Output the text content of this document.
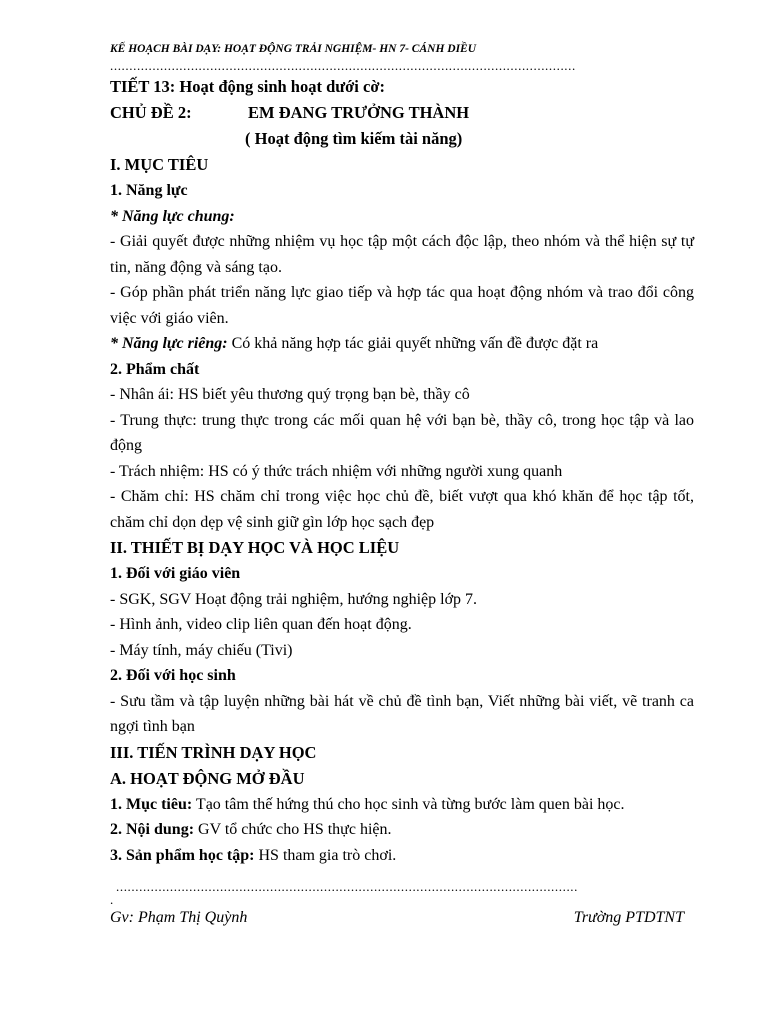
KẾ HOẠCH BÀI DẠY: HOẠT ĐỘNG TRẢI NGHIỆM- HN 7- CÁNH DIỀU
.........................................................................................................................
TIẾT 13: Hoạt động sinh hoạt dưới cờ:
CHỦ ĐỀ 2:	EM ĐANG TRƯỞNG THÀNH
( Hoạt động tìm kiếm tài năng)
I. MỤC TIÊU
1. Năng lực
* Năng lực chung:
- Giải quyết được những nhiệm vụ học tập một cách độc lập, theo nhóm và thể hiện sự tự tin, năng động và sáng tạo.
- Góp phần phát triển năng lực giao tiếp và hợp tác qua hoạt động nhóm và trao đổi công việc với giáo viên.
* Năng lực riêng: Có khả năng hợp tác giải quyết những vấn đề được đặt ra
2. Phẩm chất
- Nhân ái: HS biết yêu thương quý trọng bạn bè, thầy cô
- Trung thực: trung thực trong các mối quan hệ với bạn bè, thầy cô, trong học tập và lao động
- Trách nhiệm: HS có ý thức trách nhiệm với những người xung quanh
- Chăm chỉ: HS chăm chỉ trong việc học chủ đề, biết vượt qua khó khăn để học tập tốt, chăm chỉ dọn dẹp vệ sinh giữ gìn lớp học sạch đẹp
II. THIẾT BỊ DẠY HỌC VÀ HỌC LIỆU
1. Đối với giáo viên
- SGK, SGV Hoạt động trải nghiệm, hướng nghiệp lớp 7.
- Hình ảnh, video clip liên quan đến hoạt động.
- Máy tính, máy chiếu (Tivi)
2. Đối với học sinh
- Sưu tầm và tập luyện những bài hát về chủ đề tình bạn, Viết những bài viết, vẽ tranh ca ngợi tình bạn
III. TIẾN TRÌNH DẠY HỌC
A. HOẠT ĐỘNG MỞ ĐẦU
1. Mục tiêu: Tạo tâm thế hứng thú cho học sinh và từng bước làm quen bài học.
2. Nội dung: GV tổ chức cho HS thực hiện.
3. Sản phẩm học tập: HS tham gia trò chơi.
........................................................................................................................
.
Gv: Phạm Thị Quỳnh	Trường PTDTNT
